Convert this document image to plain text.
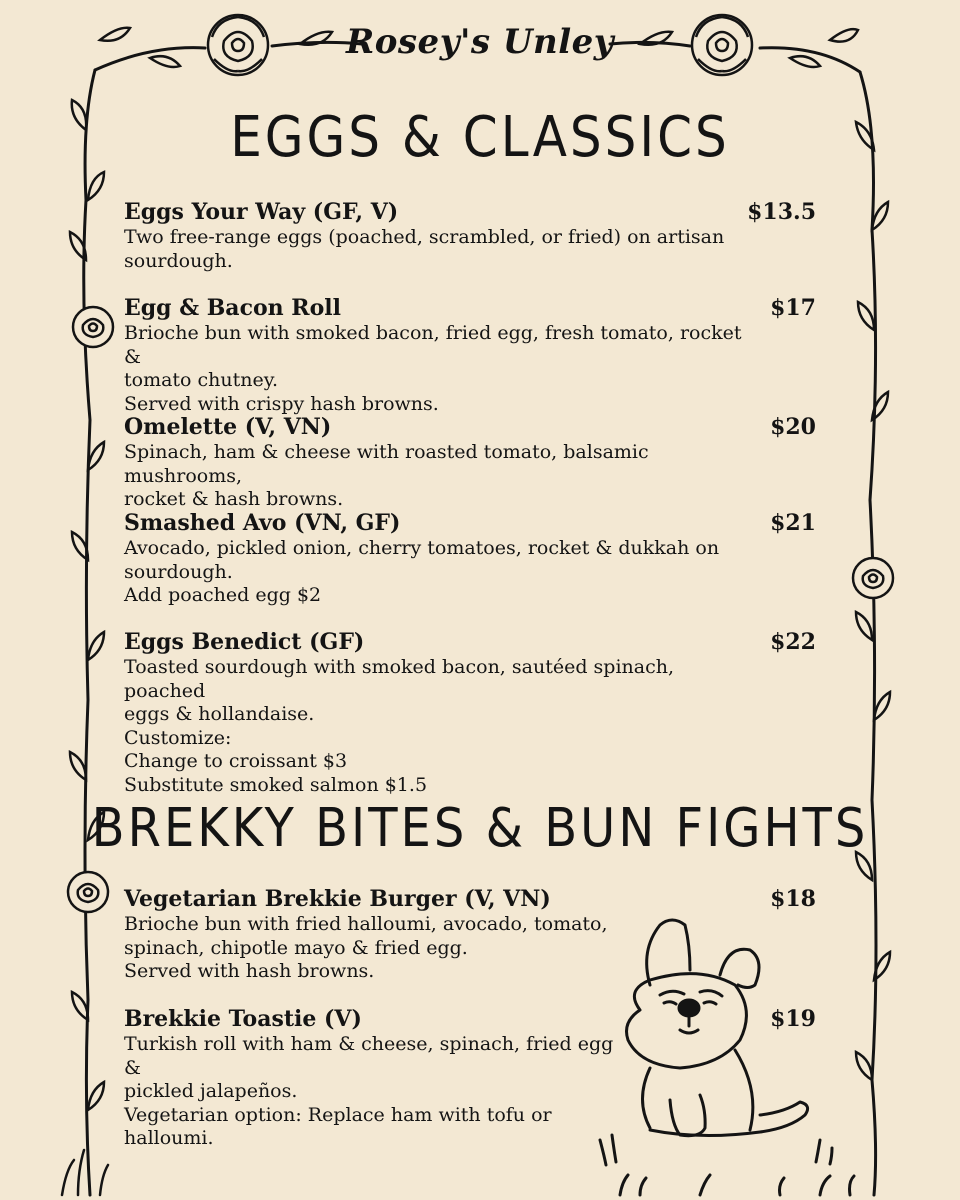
Rosey's Unley
EGGS & CLASSICS
Eggs Your Way (GF, V)	$13.5
Two free-range eggs (poached, scrambled, or fried) on artisan
sourdough.
Egg & Bacon Roll	$17
Brioche bun with smoked bacon, fried egg, fresh tomato, rocket &
tomato chutney.
Served with crispy hash browns.
Omelette (V, VN)	$20
Spinach, ham & cheese with roasted tomato, balsamic mushrooms,
rocket & hash browns.
Smashed Avo (VN, GF)	$21
Avocado, pickled onion, cherry tomatoes, rocket & dukkah on
sourdough.
Add poached egg $2
Eggs Benedict (GF)	$22
Toasted sourdough with smoked bacon, sautéed spinach, poached
eggs & hollandaise.
Customize:
Change to croissant $3
Substitute smoked salmon $1.5
BREKKY BITES & BUN FIGHTS
Vegetarian Brekkie Burger (V, VN)	$18
Brioche bun with fried halloumi, avocado, tomato,
spinach, chipotle mayo & fried egg.
Served with hash browns.
Brekkie Toastie (V)	$19
Turkish roll with ham & cheese, spinach, fried egg &
pickled jalapeños.
Vegetarian option: Replace ham with tofu or halloumi.
